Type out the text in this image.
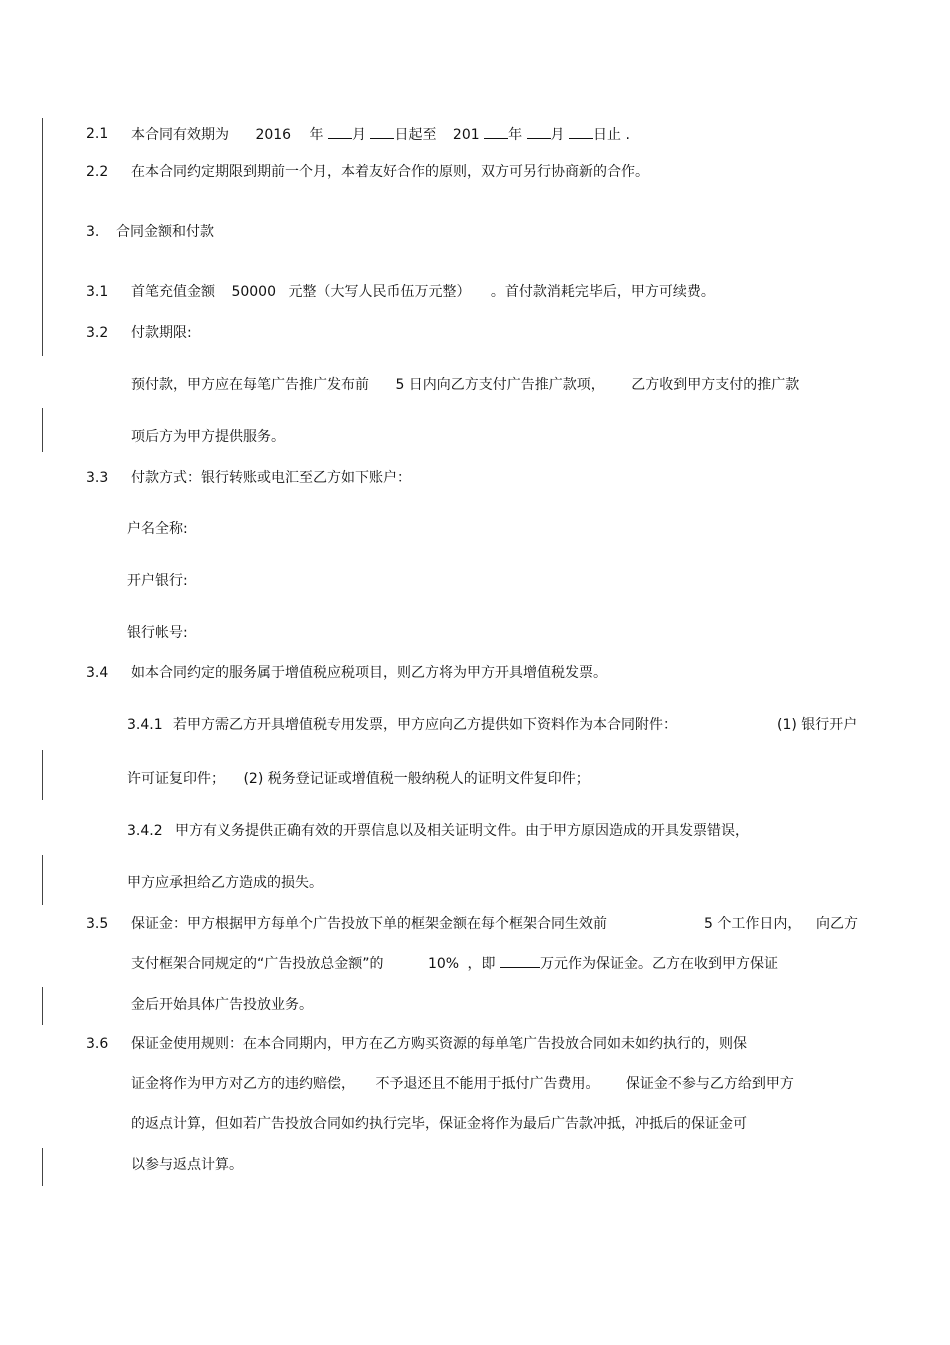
2.1 本合同有效期为 2016 年 月 日起至 201 年 月 日止 .
2.2 在本合同约定期限到期前一个月，本着友好合作的原则，双方可另行协商新的合作。
3. 合同金额和付款
3.1 首笔充值金额 50000 元整（大写人民币伍万元整） 。首付款消耗完毕后，甲方可续费。
3.2 付款期限:
预付款，甲方应在每笔广告推广发布前 5 日内向乙方支付广告推广款项， 乙方收到甲方支付的推广款
项后方为甲方提供服务。
3.3 付款方式：银行转账或电汇至乙方如下账户：
户名全称:
开户银行:
银行帐号:
3.4 如本合同约定的服务属于增值税应税项目，则乙方将为甲方开具增值税发票。
3.4.1 若甲方需乙方开具增值税专用发票，甲方应向乙方提供如下资料作为本合同附件：	(1) 银行开户
许可证复印件； (2) 税务登记证或增值税一般纳税人的证明文件复印件；
3.4.2 甲方有义务提供正确有效的开票信息以及相关证明文件。由于甲方原因造成的开具发票错误，
甲方应承担给乙方造成的损失。
3.5 保证金：甲方根据甲方每单个广告投放下单的框架金额在每个框架合同生效前	5 个工作日内， 向乙方
支付框架合同规定的“广告投放总金额”的	10% ，即	万元作为保证金。乙方在收到甲方保证
金后开始具体广告投放业务。
3.6 保证金使用规则：在本合同期内，甲方在乙方购买资源的每单笔广告投放合同如未如约执行的，则保
证金将作为甲方对乙方的违约赔偿， 不予退还且不能用于抵付广告费用。 保证金不参与乙方给到甲方
的返点计算，但如若广告投放合同如约执行完毕，保证金将作为最后广告款冲抵，冲抵后的保证金可
以参与返点计算。
